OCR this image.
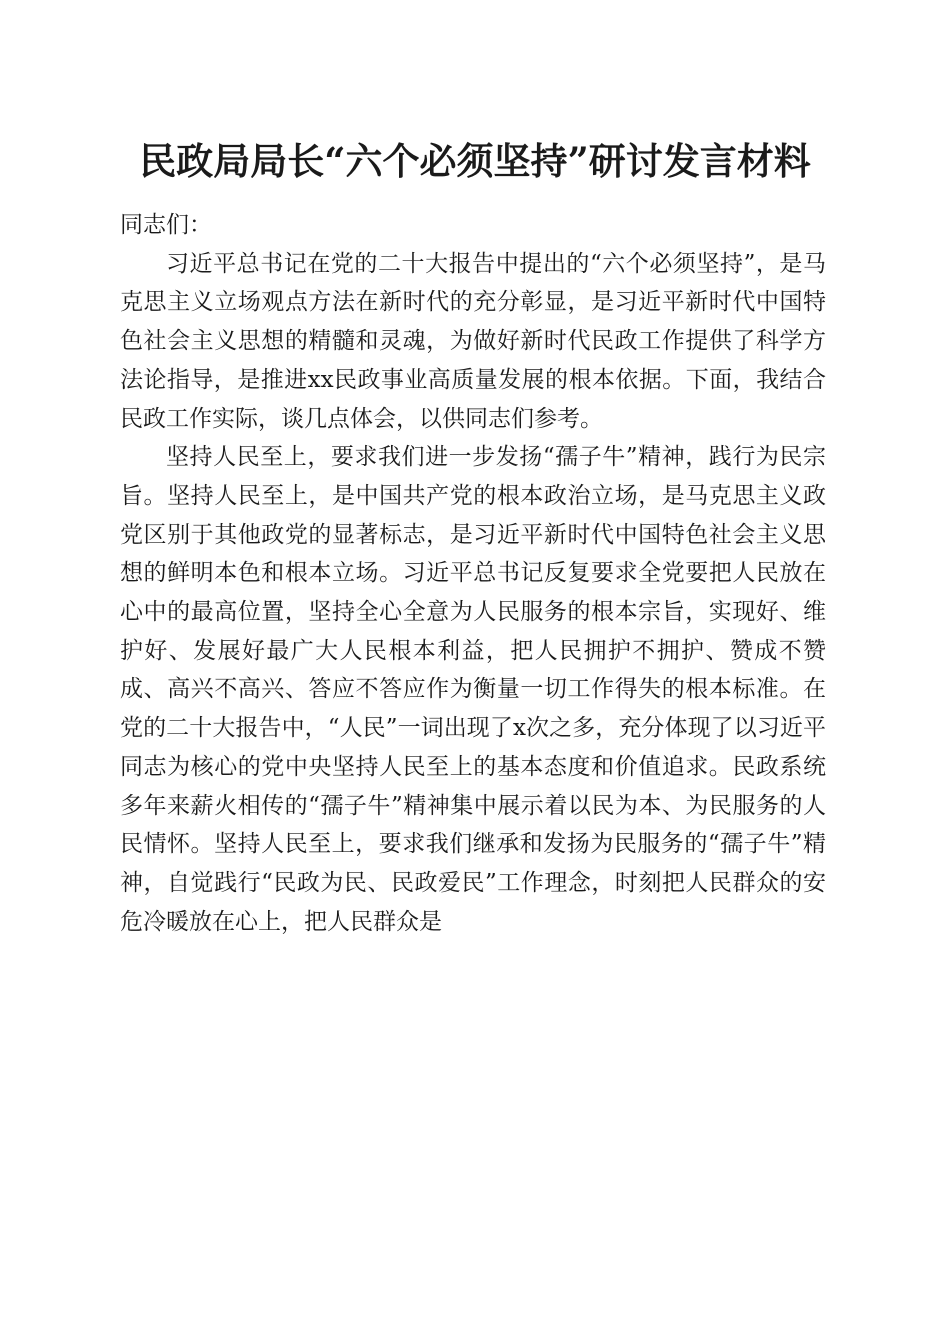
民政局局长“六个必须坚持”研讨发言材料

同志们：

习近平总书记在党的二十大报告中提出的“六个必须坚持”，是马克思主义立场观点方法在新时代的充分彰显，是习近平新时代中国特色社会主义思想的精髓和灵魂，为做好新时代民政工作提供了科学方法论指导，是推进xx民政事业高质量发展的根本依据。下面，我结合民政工作实际，谈几点体会，以供同志们参考。

坚持人民至上，要求我们进一步发扬“孺子牛”精神，践行为民宗旨。坚持人民至上，是中国共产党的根本政治立场，是马克思主义政党区别于其他政党的显著标志，是习近平新时代中国特色社会主义思想的鲜明本色和根本立场。习近平总书记反复要求全党要把人民放在心中的最高位置，坚持全心全意为人民服务的根本宗旨，实现好、维护好、发展好最广大人民根本利益，把人民拥护不拥护、赞成不赞成、高兴不高兴、答应不答应作为衡量一切工作得失的根本标准。在党的二十大报告中，“人民”一词出现了x次之多，充分体现了以习近平同志为核心的党中央坚持人民至上的基本态度和价值追求。民政系统多年来薪火相传的“孺子牛”精神集中展示着以民为本、为民服务的人民情怀。坚持人民至上，要求我们继承和发扬为民服务的“孺子牛”精神，自觉践行“民政为民、民政爱民”工作理念，时刻把人民群众的安危冷暖放在心上，把人民群众是
